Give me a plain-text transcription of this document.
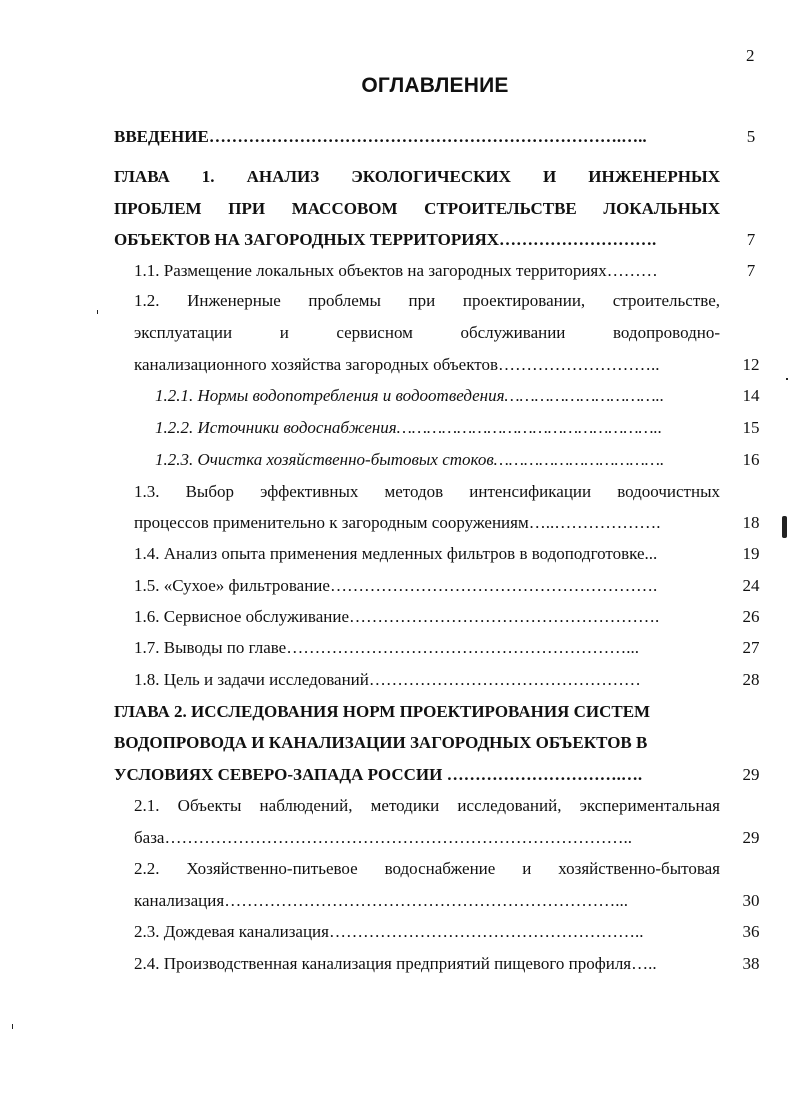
2
ОГЛАВЛЕНИЕ
ВВЕДЕНИЕ……………………………………………………………….…..	5
ГЛАВА 1. АНАЛИЗ ЭКОЛОГИЧЕСКИХ И ИНЖЕНЕРНЫХ
ПРОБЛЕМ ПРИ МАССОВОМ СТРОИТЕЛЬСТВЕ ЛОКАЛЬНЫХ
ОБЪЕКТОВ НА ЗАГОРОДНЫХ ТЕРРИТОРИЯХ……………………….	7
1.1. Размещение локальных объектов на загородных территориях………	7
1.2. Инженерные проблемы при проектировании, строительстве,
эксплуатации и сервисном обслуживании водопроводно-
канализационного хозяйства загородных объектов………………………..	12
1.2.1. Нормы водопотребления и водоотведения…………………………..	14
1.2.2. Источники водоснабжения……………………………………………..	15
1.2.3. Очистка хозяйственно-бытовых стоков…………………………….	16
1.3. Выбор эффективных методов интенсификации водоочистных
процессов применительно к загородным сооружениям…..……………….	18
1.4. Анализ опыта применения медленных фильтров в водоподготовке...	19
1.5. «Сухое» фильтрование………………………………………………….	24
1.6. Сервисное обслуживание……………………………………………….	26
1.7. Выводы по главе……………………………………………………...	27
1.8. Цель и задачи исследований…………………………………………	28
ГЛАВА 2. ИССЛЕДОВАНИЯ НОРМ ПРОЕКТИРОВАНИЯ СИСТЕМ
ВОДОПРОВОДА И КАНАЛИЗАЦИИ ЗАГОРОДНЫХ ОБЪЕКТОВ В
УСЛОВИЯХ СЕВЕРО-ЗАПАДА РОССИИ ………………………….….	29
2.1. Объекты наблюдений, методики исследований, экспериментальная
база………………………………………………………………………..	29
2.2. Хозяйственно-питьевое водоснабжение и хозяйственно-бытовая
канализация……………………………………………………………...	30
2.3. Дождевая канализация………………………………………………..	36
2.4. Производственная канализация предприятий пищевого профиля…..	38
